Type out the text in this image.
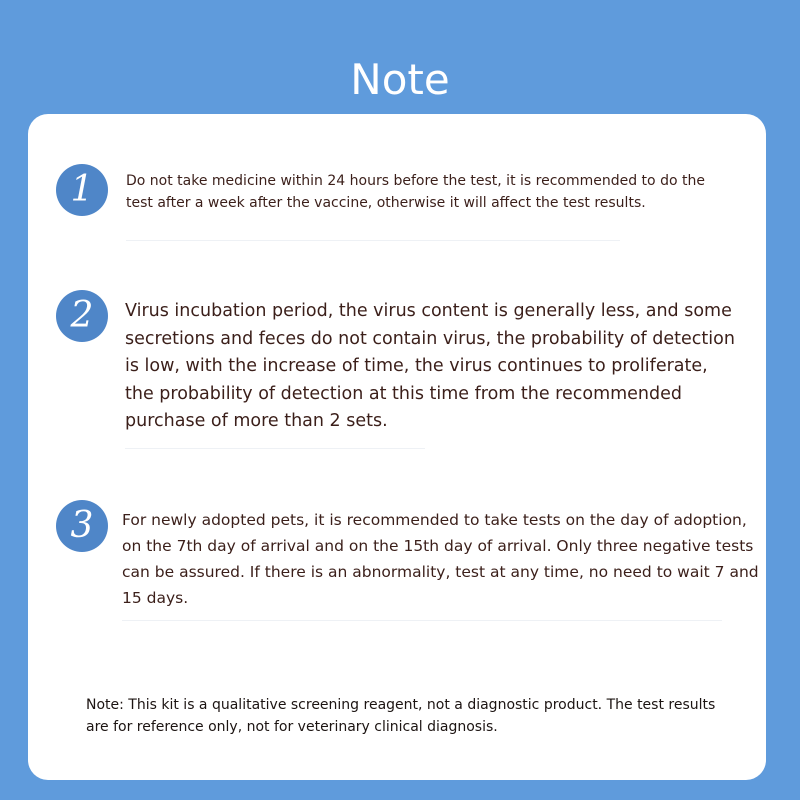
Note
1	Do not take medicine within 24 hours before the test, it is recommended to do the test after a week after the vaccine, otherwise it will affect the test results.
2	Virus incubation period, the virus content is generally less, and some secretions and feces do not contain virus, the probability of detection is low, with the increase of time, the virus continues to proliferate, the probability of detection at this time from the recommended purchase of more than 2 sets.
3	For newly adopted pets, it is recommended to take tests on the day of adoption, on the 7th day of arrival and on the 15th day of arrival. Only three negative tests can be assured. If there is an abnormality, test at any time, no need to wait 7 and 15 days.
Note: This kit is a qualitative screening reagent, not a diagnostic product. The test results are for reference only, not for veterinary clinical diagnosis.
